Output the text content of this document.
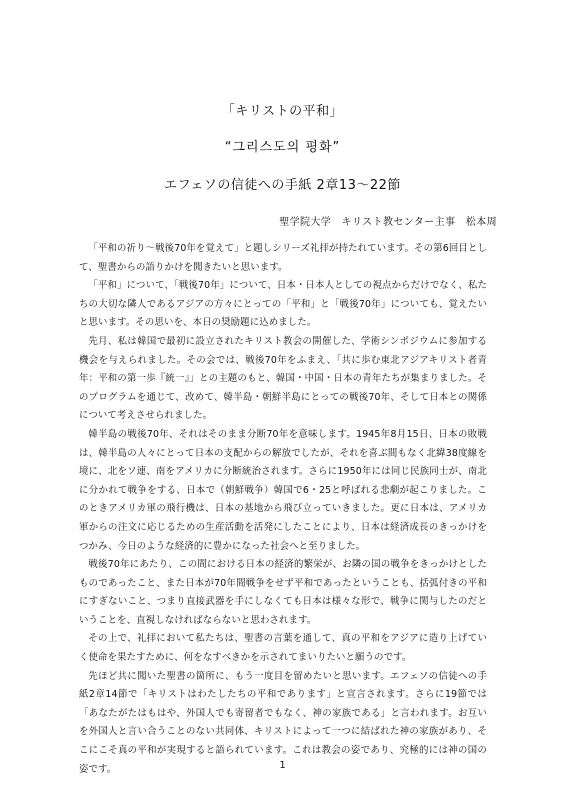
「キリストの平和」
“그리스도의 평화”
エフェソの信徒への手紙 2章13～22節
聖学院大学　キリスト教センター主事　松本周

「平和の祈り～戦後70年を覚えて」と題しシリーズ礼拝が持たれています。その第6回目として、聖書からの語りかけを聞きたいと思います。

「平和」について、「戦後70年」について、日本・日本人としての視点からだけでなく、私たちの大切な隣人であるアジアの方々にとっての「平和」と「戦後70年」についても、覚えたいと思います。その思いを、本日の奨励題に込めました。

先月、私は韓国で最初に設立されたキリスト教会の開催した、学術シンポジウムに参加する機会を与えられました。その会では、戦後70年をふまえ、「共に歩む東北アジアキリスト者青年：平和の第一歩『統一』」との主題のもと、韓国・中国・日本の青年たちが集まりました。そのプログラムを通じて、改めて、韓半島・朝鮮半島にとっての戦後70年、そして日本との関係について考えさせられました。

韓半島の戦後70年、それはそのまま分断70年を意味します。1945年8月15日、日本の敗戦は、韓半島の人々にとって日本の支配からの解放でしたが、それを喜ぶ間もなく北緯38度線を境に、北をソ連、南をアメリカに分断統治されます。さらに1950年には同じ民族同士が、南北に分かれて戦争をする、日本で（朝鮮戦争）韓国で6・25と呼ばれる悲劇が起こりました。このときアメリカ軍の飛行機は、日本の基地から飛び立っていきました。更に日本は、アメリカ軍からの注文に応じるための生産活動を活発にしたことにより、日本は経済成長のきっかけをつかみ、今日のような経済的に豊かになった社会へと至りました。

戦後70年にあたり、この間における日本の経済的繁栄が、お隣の国の戦争をきっかけとしたものであったこと、また日本が70年間戦争をせず平和であったということも、括弧付きの平和にすぎないこと、つまり直接武器を手にしなくても日本は様々な形で、戦争に関与したのだということを、直視しなければならないと思わされます。

その上で、礼拝において私たちは、聖書の言葉を通して、真の平和をアジアに造り上げていく使命を果たすために、何をなすべきかを示されてまいりたいと願うのです。

先ほど共に聞いた聖書の箇所に、もう一度目を留めたいと思います。エフェソの信徒への手紙2章14節で「キリストはわたしたちの平和であります」と宣言されます。さらに19節では「あなたがたはもはや、外国人でも寄留者でもなく、神の家族である」と言われます。お互いを外国人と言い合うことのない共同体、キリストによって一つに結ばれた神の家族があり、そこにこそ真の平和が実現すると語られています。これは教会の姿であり、究極的には神の国の姿です。	1
